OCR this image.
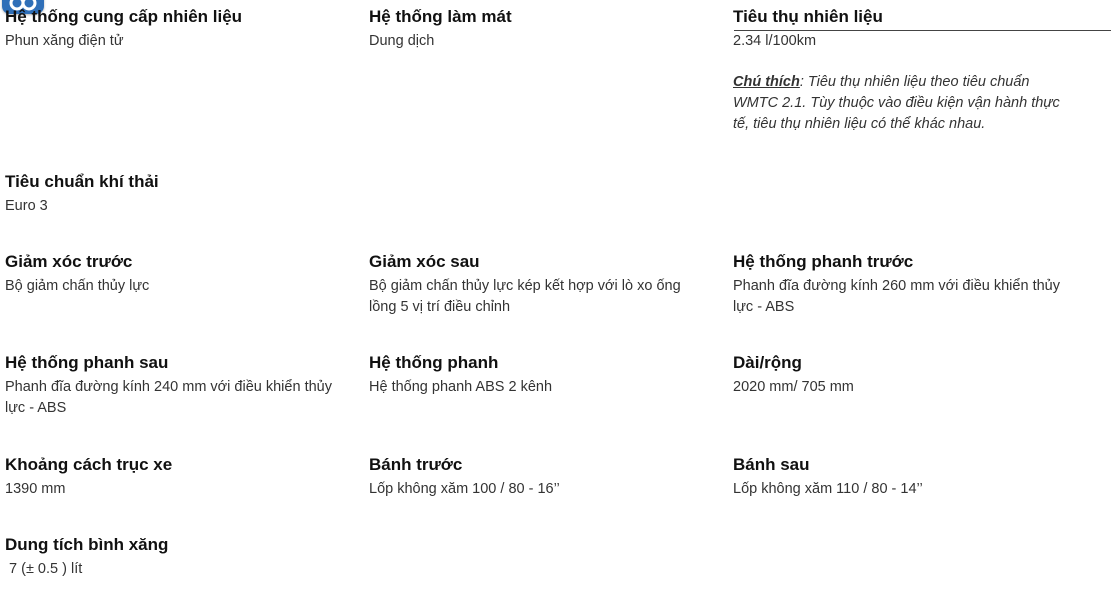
Hệ thống cung cấp nhiên liệu
Phun xăng điện tử
Hệ thống làm mát
Dung dịch
Tiêu thụ nhiên liệu
2.34 l/100km
Chú thích: Tiêu thụ nhiên liệu theo tiêu chuẩn WMTC 2.1. Tùy thuộc vào điều kiện vận hành thực tế, tiêu thụ nhiên liệu có thể khác nhau.
Tiêu chuẩn khí thải
Euro 3
Giảm xóc trước
Bộ giảm chấn thủy lực
Giảm xóc sau
Bộ giảm chấn thủy lực kép kết hợp với lò xo ống lồng 5 vị trí điều chỉnh
Hệ thống phanh trước
Phanh đĩa đường kính 260 mm với điều khiển thủy lực - ABS
Hệ thống phanh sau
Phanh đĩa đường kính 240 mm với điều khiển thủy lực - ABS
Hệ thống phanh
Hệ thống phanh ABS 2 kênh
Dài/rộng
2020 mm/ 705 mm
Khoảng cách trục xe
1390 mm
Bánh trước
Lốp không xăm 100 / 80 - 16’’
Bánh sau
Lốp không xăm 110 / 80 - 14’’
Dung tích bình xăng
7 (± 0.5 ) lít
